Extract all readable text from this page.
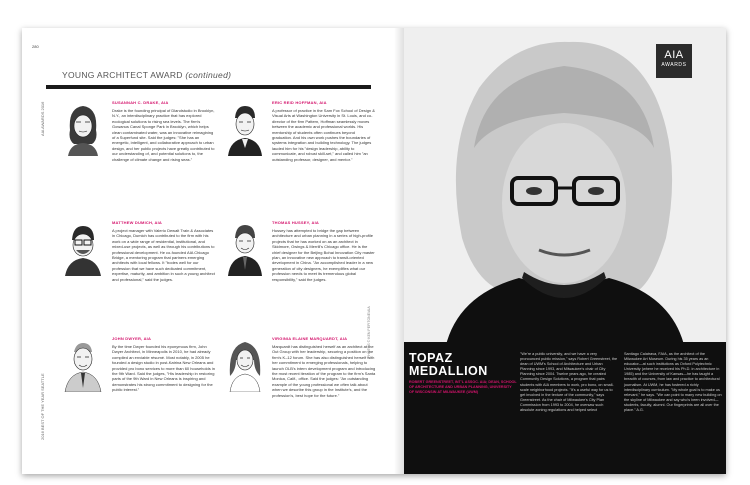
280
AIA AWARDS 2016
2016 BEST OF THE YEAR SEATTLE
YOUNG ARCHITECT AWARD (continued)
SUSANNAH C. DRAKE, AIA

Drake is the founding principal of Dlandstudio in Brooklyn, N.Y., an interdisciplinary practice that has explored ecological solutions to rising sea levels. The firm's Gowanus Canal Sponge Park in Brooklyn, which helps clean contaminated water, was an innovative reimagining of a Superfund site. Said the judges: "She has an energetic, intelligent, and collaborative approach to urban design, and her public projects have greatly contributed to our understanding of, and potential solutions to, the challenge of climate change and rising seas."

ERIC REID HOFFMAN, AIA

A professor of practice in the Sam Fox School of Design & Visual Arts at Washington University in St. Louis, and co-director of the firm Pattern, Hoffman seamlessly moves between the academic and professional worlds. His mentorship of students often continues beyond graduation. And his own work pushes the boundaries of systems integration and building technology. The judges lauded him for his "design leadership, ability to communicate, and robust skill-set," and called him "an outstanding professor, designer, and mentor."

MATTHEW DUMICH, AIA

A project manager with Valerio Dewalt Train & Associates in Chicago, Dumich has contributed to the firm with his work on a wide range of residential, institutional, and mixed-use projects, as well as through his contributions to professional development. He co-founded AIA Chicago Bridge, a mentoring program that partners emerging architects with local fellows. It "bodes well for our profession that we have such dedicated commitment, expertise, maturity, and ambition in such a young architect and professional," said the judges.

THOMAS HUSSEY, AIA

Hussey has attempted to bridge the gap between architecture and urban planning in a series of high-profile projects that he has worked on as an architect in Skidmore, Owings & Merrill's Chicago office. He is the chief designer for the Beijing Bohai Innovation City master plan, an innovative new approach to transit-oriented development in China. "An accomplished leader in a new generation of city designers, he exemplifies what our profession needs to meet its tremendous global responsibility," said the judges.

JOHN DWYER, AIA

By the time Dwyer founded his eponymous firm, John Dwyer Architect, in Minneapolis in 2010, he had already compiled an enviable résumé. Most notably, in 2005 he founded a design studio in post-Katrina New Orleans and provided pro bono services to more than 60 households in the 9th Ward. Said the judges, "His leadership in restoring parts of the 9th Ward in New Orleans is inspiring and demonstrates his strong commitment to designing for the public interest."

VIRGINIA ELAINE MARQUARDT, AIA

Marquardt has distinguished herself as an architect at the Out Group with her leadership, securing a position on the firm's K–12 forum. She has also distinguished herself with her commitment to emerging professionals, helping to launch OLB's intern development program and introducing the most recent iteration of the program to the firm's Santa Monica, Calif., office. Said the judges: "An outstanding example of the young professional we often talk about when we describe this group in the Institute's, and the profession's, best hope for the future."

PHOTOS © KEN PEPITONE/AIA
AIA
AWARDS
TOPAZ
MEDALLION
ROBERT GREENSTREET, INT'L ASSOC. AIA; DEAN, SCHOOL OF ARCHITECTURE AND URBAN PLANNING, UNIVERSITY OF WISCONSIN AT MILWAUKEE (UWM)

"We're a public university, and we have a very pronounced public mission," says Robert Greenstreet, the dean of UWM's School of Architecture and Urban Planning since 1993, and Milwaukee's chair of City Planning since 2004. Twelve years ago, he created Community Design Solutions, a program that pairs students with AIA members to work, pro bono, on small-scale neighborhood projects. "It's a useful way for us to get involved in the texture of the community," says Greenstreet. As the chair of Milwaukee's City Plan Commission from 1993 to 2004, he oversaw such absolute zoning regulations and helped select

Santiago Calatrava, FAIA, as the architect of the Milwaukee Art Museum. During his 35 years as an educator—at such institutions as Oxford Polytechnic University (where he received his Ph.D. in architecture in 1985) and the University of Kansas—he has taught a breadth of courses, from law and practice to architectural journalism. At UWM, he has fostered a richly interdisciplinary curriculum. "My whole goal is to make us relevant," he says. "We can point to many new building on the skyline of Milwaukee and say who's been involved—students, faculty, alumni. Our fingerprints are all over the place." A.G.
